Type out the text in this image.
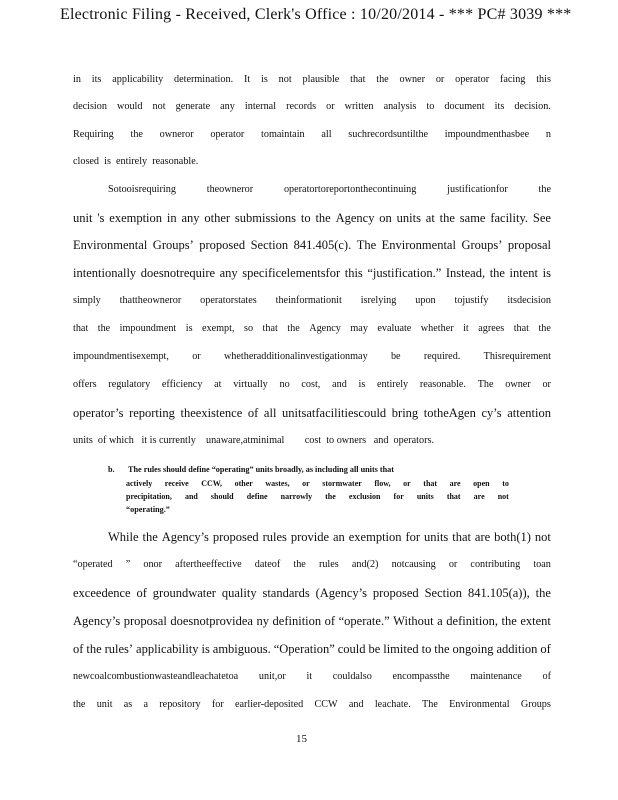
Electronic Filing - Received, Clerk's Office : 10/20/2014 - *** PC# 3039 ***
in its applicability determination. It is not plausible that the owner or operator facing this
decision would not generate any internal records or written analysis to document its decision.
Requiring the owneror operator tomaintain all suchrecordsuntilthe impoundmenthasbee n
closed  is  entirely  reasonable.
Sotooisrequiring	theowneror	operatortoreportonthecontinuing	justificationfor	the
unit 's exemption in any other submissions to the Agency on units at the same facility. See
Environmental Groups’ proposed Section 841.405(c). The Environmental Groups’ proposal
intentionally doesnotrequire any specificelementsfor this “justification.” Instead, the intent is
simply thattheowneror operatorstates theinformationit isrelying upon tojustify itsdecision
that the impoundment is exempt, so that the Agency may evaluate whether it agrees that the
impoundmentisexempt, or whetheradditionalinvestigationmay be required. Thisrequirement
offers regulatory efficiency at virtually no cost, and is entirely reasonable. The owner or
operator’s reporting theexistence of all unitsatfacilitiescould bring totheAgen cy’s attention
units  of which   it is currently    unaware,atminimal        cost  to owners   and  operators.
b. The rules should define “operating” units broadly, as including all units that
actively receive CCW, other wastes, or stormwater flow, or that are open to
precipitation, and should define narrowly the exclusion for units that are not
“operating.”
While the Agency’s proposed rules provide an exemption for units that are both(1) not
“operated ” onor aftertheeffective dateof the rules and(2) notcausing or contributing toan
exceedence of groundwater quality standards (Agency’s proposed Section 841.105(a)), the
Agency’s proposal doesnotprovidea ny definition of “operate.” Without a definition, the extent
of the rules’ applicability is ambiguous. “Operation” could be limited to the ongoing addition of
newcoalcombustionwasteandleachatetoa unit,or it couldalso encompassthe maintenance of
the unit as a repository for earlier-deposited CCW and leachate. The Environmental Groups
15
